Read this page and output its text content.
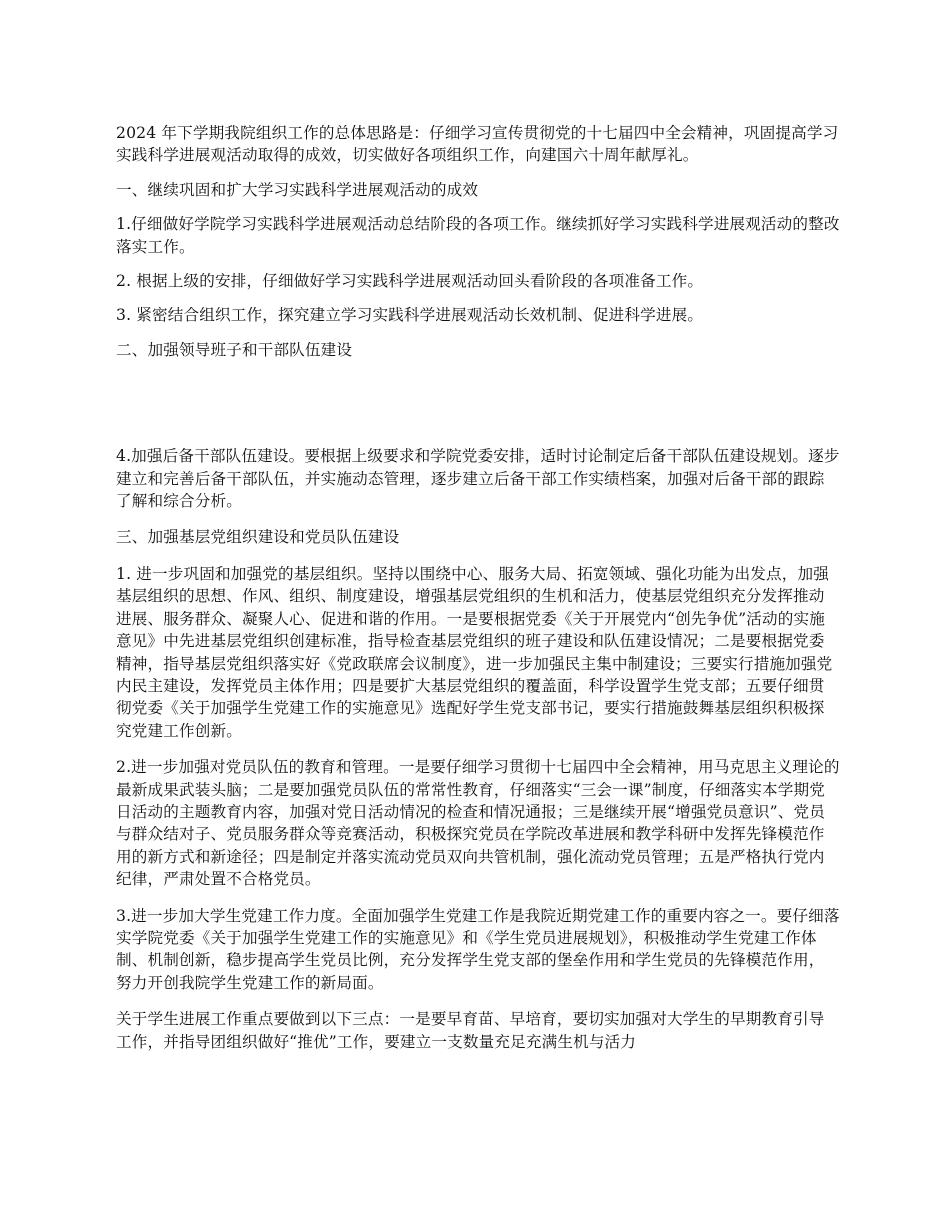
2024 年下学期我院组织工作的总体思路是：仔细学习宣传贯彻党的十七届四中全会精神，巩固提高学习实践科学进展观活动取得的成效，切实做好各项组织工作，向建国六十周年献厚礼。

一、继续巩固和扩大学习实践科学进展观活动的成效

1.仔细做好学院学习实践科学进展观活动总结阶段的各项工作。继续抓好学习实践科学进展观活动的整改落实工作。

2. 根据上级的安排，仔细做好学习实践科学进展观活动回头看阶段的各项准备工作。

3. 紧密结合组织工作，探究建立学习实践科学进展观活动长效机制、促进科学进展。

二、加强领导班子和干部队伍建设

4.加强后备干部队伍建设。要根据上级要求和学院党委安排，适时讨论制定后备干部队伍建设规划。逐步建立和完善后备干部队伍，并实施动态管理，逐步建立后备干部工作实绩档案，加强对后备干部的跟踪了解和综合分析。

三、加强基层党组织建设和党员队伍建设

1. 进一步巩固和加强党的基层组织。坚持以围绕中心、服务大局、拓宽领域、强化功能为出发点，加强基层组织的思想、作风、组织、制度建设，增强基层党组织的生机和活力，使基层党组织充分发挥推动进展、服务群众、凝聚人心、促进和谐的作用。一是要根据党委《关于开展党内“创先争优”活动的实施意见》中先进基层党组织创建标准，指导检查基层党组织的班子建设和队伍建设情况；二是要根据党委精神，指导基层党组织落实好《党政联席会议制度》，进一步加强民主集中制建设；三要实行措施加强党内民主建设，发挥党员主体作用；四是要扩大基层党组织的覆盖面，科学设置学生党支部；五要仔细贯彻党委《关于加强学生党建工作的实施意见》选配好学生党支部书记，要实行措施鼓舞基层组织积极探究党建工作创新。

2.进一步加强对党员队伍的教育和管理。一是要仔细学习贯彻十七届四中全会精神，用马克思主义理论的最新成果武装头脑；二是要加强党员队伍的常常性教育，仔细落实“三会一课”制度，仔细落实本学期党日活动的主题教育内容，加强对党日活动情况的检查和情况通报；三是继续开展“增强党员意识”、党员与群众结对子、党员服务群众等竞赛活动，积极探究党员在学院改革进展和教学科研中发挥先锋模范作用的新方式和新途径；四是制定并落实流动党员双向共管机制，强化流动党员管理；五是严格执行党内纪律，严肃处置不合格党员。

3.进一步加大学生党建工作力度。全面加强学生党建工作是我院近期党建工作的重要内容之一。要仔细落实学院党委《关于加强学生党建工作的实施意见》和《学生党员进展规划》，积极推动学生党建工作体制、机制创新，稳步提高学生党员比例，充分发挥学生党支部的堡垒作用和学生党员的先锋模范作用，努力开创我院学生党建工作的新局面。

关于学生进展工作重点要做到以下三点：一是要早育苗、早培育，要切实加强对大学生的早期教育引导工作，并指导团组织做好“推优”工作，要建立一支数量充足充满生机与活力
